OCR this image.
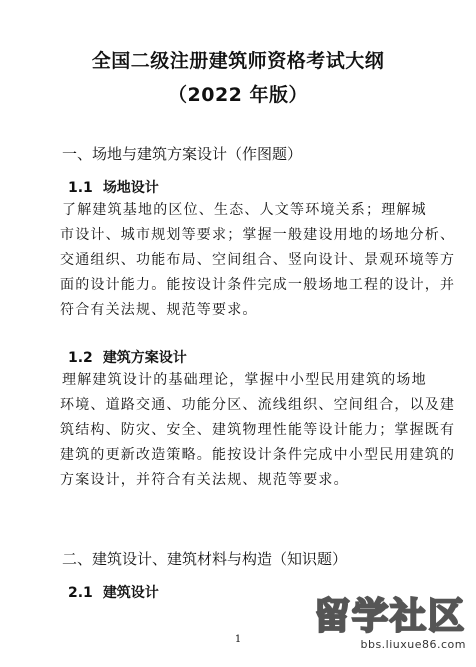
全国二级注册建筑师资格考试大纲
（2022 年版）
一、场地与建筑方案设计（作图题）
1.1 场地设计
了解建筑基地的区位、生态、人文等环境关系；理解城
市设计、城市规划等要求；掌握一般建设用地的场地分析、
交通组织、功能布局、空间组合、竖向设计、景观环境等方
面的设计能力。能按设计条件完成一般场地工程的设计，并
符合有关法规、规范等要求。
1.2 建筑方案设计
理解建筑设计的基础理论，掌握中小型民用建筑的场地
环境、道路交通、功能分区、流线组织、空间组合，以及建
筑结构、防灾、安全、建筑物理性能等设计能力；掌握既有
建筑的更新改造策略。能按设计条件完成中小型民用建筑的
方案设计，并符合有关法规、规范等要求。
二、建筑设计、建筑材料与构造（知识题）
2.1 建筑设计
1
留学社区
bbs.liuxue86.com
